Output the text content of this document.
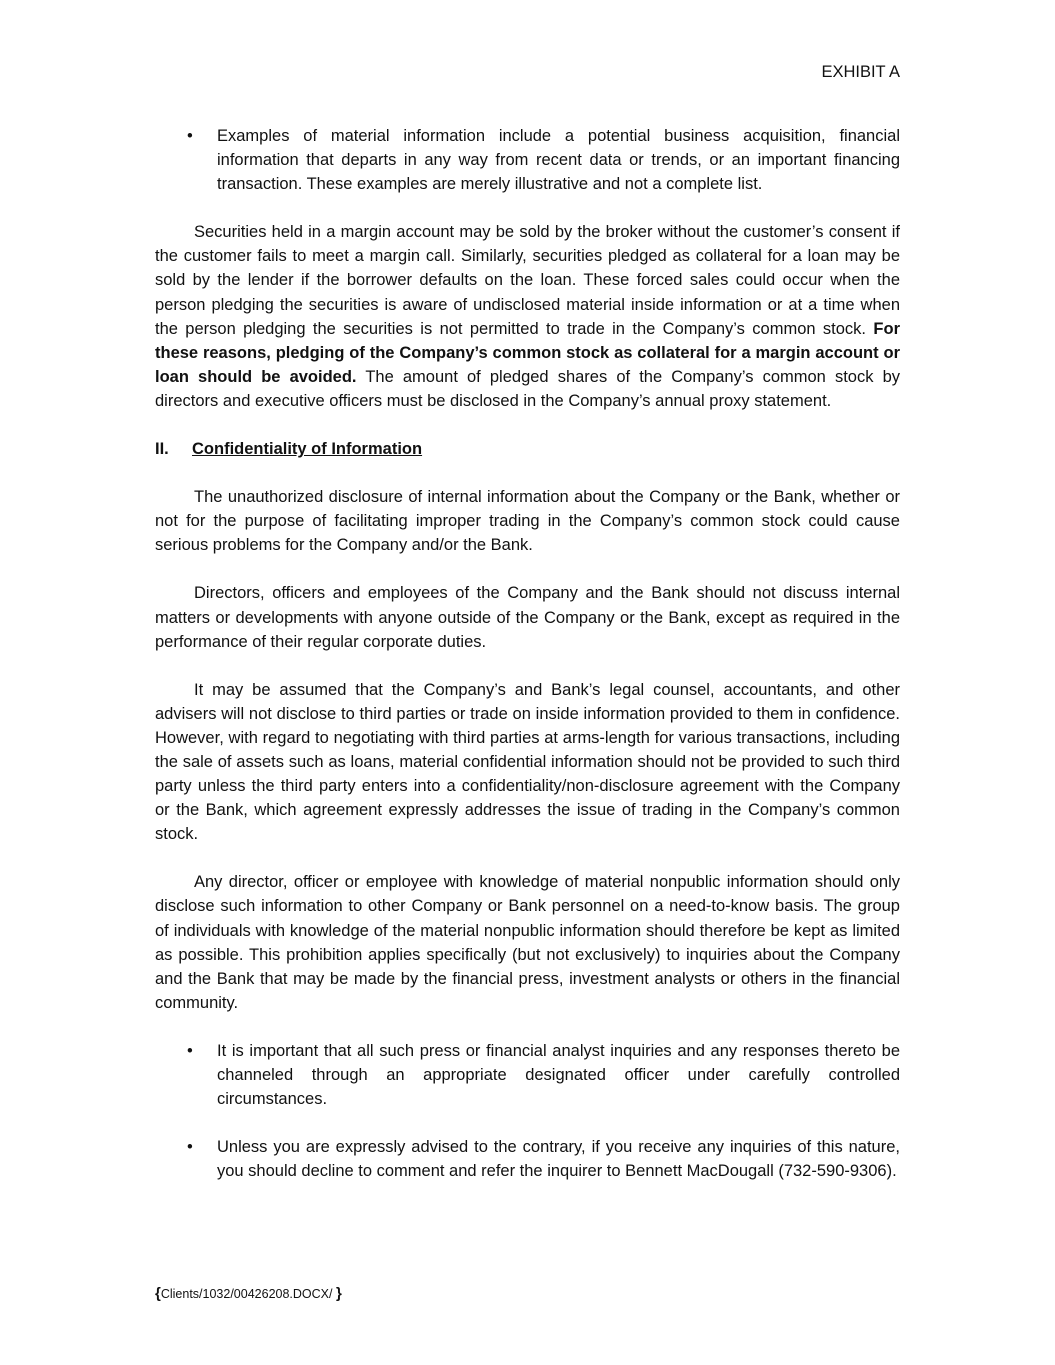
EXHIBIT A
• Examples of material information include a potential business acquisition, financial information that departs in any way from recent data or trends, or an important financing transaction. These examples are merely illustrative and not a complete list.

Securities held in a margin account may be sold by the broker without the customer’s consent if the customer fails to meet a margin call. Similarly, securities pledged as collateral for a loan may be sold by the lender if the borrower defaults on the loan. These forced sales could occur when the person pledging the securities is aware of undisclosed material inside information or at a time when the person pledging the securities is not permitted to trade in the Company’s common stock. For these reasons, pledging of the Company’s common stock as collateral for a margin account or loan should be avoided. The amount of pledged shares of the Company’s common stock by directors and executive officers must be disclosed in the Company’s annual proxy statement.

II. Confidentiality of Information

The unauthorized disclosure of internal information about the Company or the Bank, whether or not for the purpose of facilitating improper trading in the Company’s common stock could cause serious problems for the Company and/or the Bank.

Directors, officers and employees of the Company and the Bank should not discuss internal matters or developments with anyone outside of the Company or the Bank, except as required in the performance of their regular corporate duties.

It may be assumed that the Company’s and Bank’s legal counsel, accountants, and other advisers will not disclose to third parties or trade on inside information provided to them in confidence. However, with regard to negotiating with third parties at arms-length for various transactions, including the sale of assets such as loans, material confidential information should not be provided to such third party unless the third party enters into a confidentiality/non-disclosure agreement with the Company or the Bank, which agreement expressly addresses the issue of trading in the Company’s common stock.

Any director, officer or employee with knowledge of material nonpublic information should only disclose such information to other Company or Bank personnel on a need-to-know basis. The group of individuals with knowledge of the material nonpublic information should therefore be kept as limited as possible. This prohibition applies specifically (but not exclusively) to inquiries about the Company and the Bank that may be made by the financial press, investment analysts or others in the financial community.

• It is important that all such press or financial analyst inquiries and any responses thereto be channeled through an appropriate designated officer under carefully controlled circumstances.
• Unless you are expressly advised to the contrary, if you receive any inquiries of this nature, you should decline to comment and refer the inquirer to Bennett MacDougall (732-590-9306).
{Clients/1032/00426208.DOCX/ }
